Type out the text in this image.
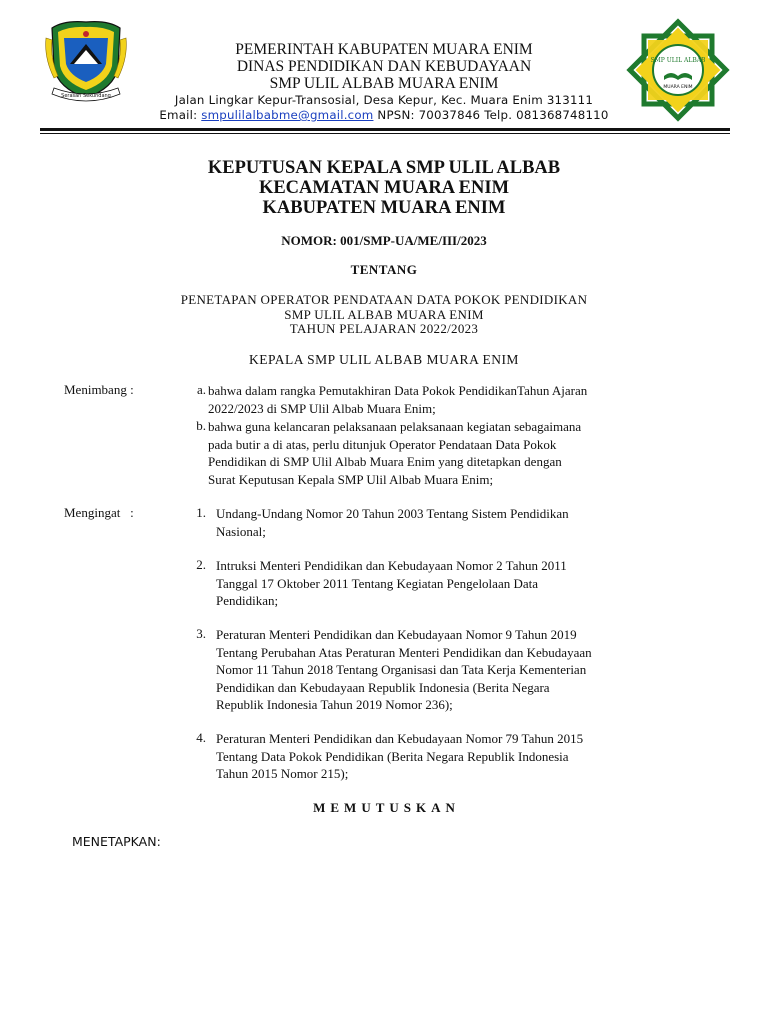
Serasan Sekundang
SMP ULIL ALBAB
MUARA ENIM
PEMERINTAH KABUPATEN MUARA ENIM
DINAS PENDIDIKAN DAN KEBUDAYAAN
SMP ULIL ALBAB MUARA ENIM
Jalan Lingkar Kepur-Transosial, Desa Kepur, Kec. Muara Enim 313111
Email: smpulilalbabme@gmail.com NPSN: 70037846 Telp. 081368748110
KEPUTUSAN KEPALA SMP ULIL ALBAB
KECAMATAN MUARA ENIM
KABUPATEN MUARA ENIM
NOMOR: 001/SMP-UA/ME/III/2023
TENTANG
PENETAPAN OPERATOR PENDATAAN DATA POKOK PENDIDIKAN
SMP ULIL ALBAB MUARA ENIM
TAHUN PELAJARAN 2022/2023
KEPALA SMP ULIL ALBAB MUARA ENIM
Menimbang :	a. bahwa dalam rangka Pemutakhiran Data Pokok PendidikanTahun Ajaran
2022/2023 di SMP Ulil Albab Muara Enim;
b. bahwa guna kelancaran pelaksanaan pelaksanaan kegiatan sebagaimana
pada butir a di atas, perlu ditunjuk Operator Pendataan Data Pokok
Pendidikan di SMP Ulil Albab Muara Enim yang ditetapkan dengan
Surat Keputusan Kepala SMP Ulil Albab Muara Enim;
Mengingat   :	1. Undang-Undang Nomor 20 Tahun 2003 Tentang Sistem Pendidikan
Nasional;
2. Intruksi Menteri Pendidikan dan Kebudayaan Nomor 2 Tahun 2011
Tanggal 17 Oktober 2011 Tentang Kegiatan Pengelolaan Data
Pendidikan;
3. Peraturan Menteri Pendidikan dan Kebudayaan Nomor 9 Tahun 2019
Tentang Perubahan Atas Peraturan Menteri Pendidikan dan Kebudayaan
Nomor 11 Tahun 2018 Tentang Organisasi dan Tata Kerja Kementerian
Pendidikan dan Kebudayaan Republik Indonesia (Berita Negara
Republik Indonesia Tahun 2019 Nomor 236);
4. Peraturan Menteri Pendidikan dan Kebudayaan Nomor 79 Tahun 2015
Tentang Data Pokok Pendidikan (Berita Negara Republik Indonesia
Tahun 2015 Nomor 215);
MEMUTUSKAN
MENETAPKAN:
